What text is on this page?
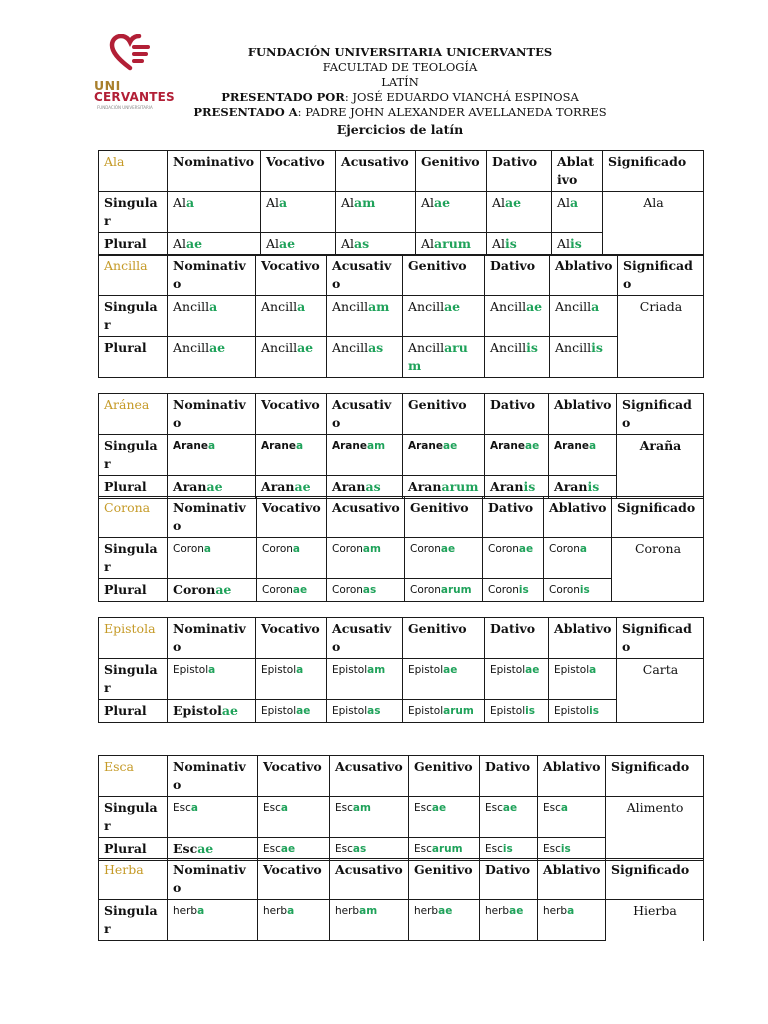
UNI
CERVANTES
FUNDACIÓN UNIVERSITARIA
FUNDACIÓN UNIVERSITARIA UNICERVANTES
FACULTAD DE TEOLOGÍA
LATÍN
PRESENTADO POR: JOSÉ EDUARDO VIANCHÁ ESPINOSA
PRESENTADO A: PADRE JOHN ALEXANDER AVELLANEDA TORRES
Ejercicios de latín
Ala	Nominativo	Vocativo	Acusativo	Genitivo	Dativo	Ablativo	Significado
Singular	Ala	Ala	Alam	Alae	Alae	Ala	Ala
Plural	Alae	Alae	Alas	Alarum	Alis	Alis	
Ancilla	Nominativo	Vocativo	Acusativo	Genitivo	Dativo	Ablativo	Significado
Singular	Ancilla	Ancilla	Ancillam	Ancillae	Ancillae	Ancilla	Criada
Plural	Ancillae	Ancillae	Ancillas	Ancillarum	Ancillis	Ancillis	
Aránea	Nominativo	Vocativo	Acusativo	Genitivo	Dativo	Ablativo	Significado
Singular	Aranea	Aranea	Araneam	Araneae	Araneae	Aranea	Araña
Plural	Aranae	Aranae	Aranas	Aranarum	Aranis	Aranis	
Corona	Nominativo	Vocativo	Acusativo	Genitivo	Dativo	Ablativo	Significado
Singular	Corona	Corona	Coronam	Coronae	Coronae	Corona	Corona
Plural	Coronae	Coronae	Coronas	Coronarum	Coronis	Coronis	
Epistola	Nominativo	Vocativo	Acusativo	Genitivo	Dativo	Ablativo	Significado
Singular	Epistola	Epistola	Epistolam	Epistolae	Epistolae	Epistola	Carta
Plural	Epistolae	Epistolae	Epistolas	Epistolarum	Epistolis	Epistolis	
Esca	Nominativo	Vocativo	Acusativo	Genitivo	Dativo	Ablativo	Significado
Singular	Esca	Esca	Escam	Escae	Escae	Esca	Alimento
Plural	Escae	Escae	Escas	Escarum	Escis	Escis	
Herba	Nominativo	Vocativo	Acusativo	Genitivo	Dativo	Ablativo	Significado
Singular	herba	herba	herbam	herbae	herbae	herba	Hierba
